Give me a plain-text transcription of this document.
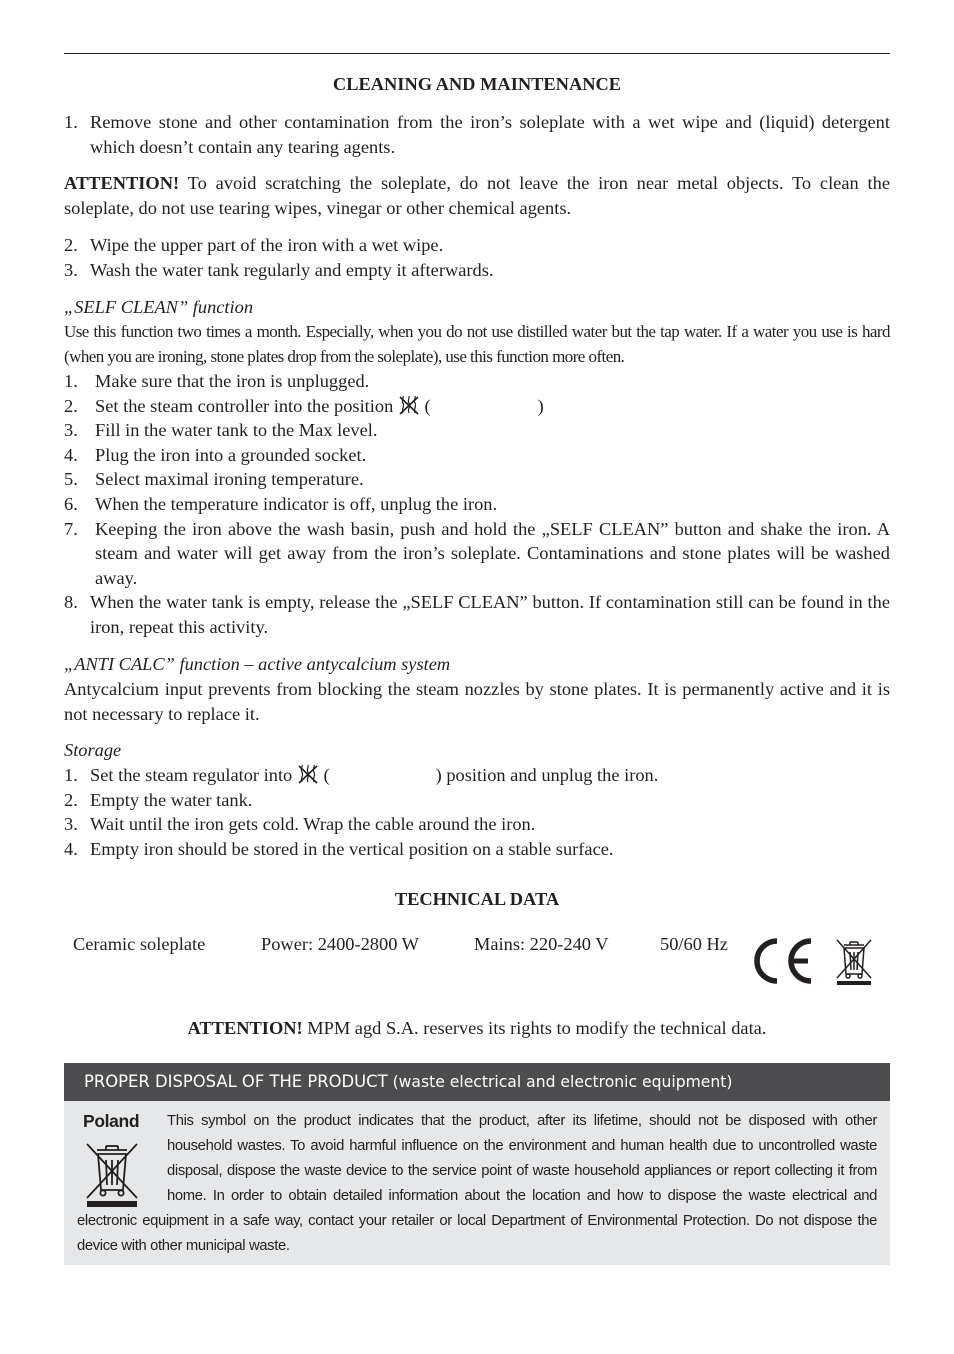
CLEANING AND MAINTENANCE
1. Remove stone and other contamination from the iron’s soleplate with a wet wipe and (liquid) detergent which doesn’t contain any tearing agents.
ATTENTION! To avoid scratching the soleplate, do not leave the iron near metal objects. To clean the soleplate, do not use tearing wipes, vinegar or other chemical agents.
2. Wipe the upper part of the iron with a wet wipe.
3. Wash the water tank regularly and empty it afterwards.
„SELF CLEAN” function
Use this function two times a month. Especially, when you do not use distilled water but the tap water. If a water you use is hard (when you are ironing, stone plates drop from the soleplate), use this function more often.
1. Make sure that the iron is unplugged.
2. Set the steam controller into the position  (	)
3. Fill in the water tank to the Max level.
4. Plug the iron into a grounded socket.
5. Select maximal ironing temperature.
6. When the temperature indicator is off, unplug the iron.
7. Keeping the iron above the wash basin, push and hold the „SELF CLEAN” button and shake the iron. A steam and water will get away from the iron’s soleplate. Contaminations and stone plates will be washed away.
8. When the water tank is empty, release the „SELF CLEAN” button. If contamination still can be found in the iron, repeat this activity.
„ANTI CALC” function – active antycalcium system
Antycalcium input prevents from blocking the steam nozzles by stone plates. It is permanently active and it is not necessary to replace it.
Storage
1. Set the steam regulator into  (	) position and unplug the iron.
2. Empty the water tank.
3. Wait until the iron gets cold. Wrap the cable around the iron.
4. Empty iron should be stored in the vertical position on a stable surface.
TECHNICAL DATA
Ceramic soleplate	Power: 2400-2800 W	Mains: 220-240 V	50/60 Hz
ATTENTION! MPM agd S.A. reserves its rights to modify the technical data.
PROPER DISPOSAL OF THE PRODUCT (waste electrical and electronic equipment)
Poland	This symbol on the product indicates that the product, after its lifetime, should not be disposed with other household wastes. To avoid harmful influence on the environment and human health due to uncontrolled waste disposal, dispose the waste device to the service point of waste household appliances or report collecting it from home. In order to obtain detailed information about the location and how to dispose the waste electrical and electronic equipment in a safe way, contact your retailer or local Department of Environmental Protection. Do not dispose the device with other municipal waste.
